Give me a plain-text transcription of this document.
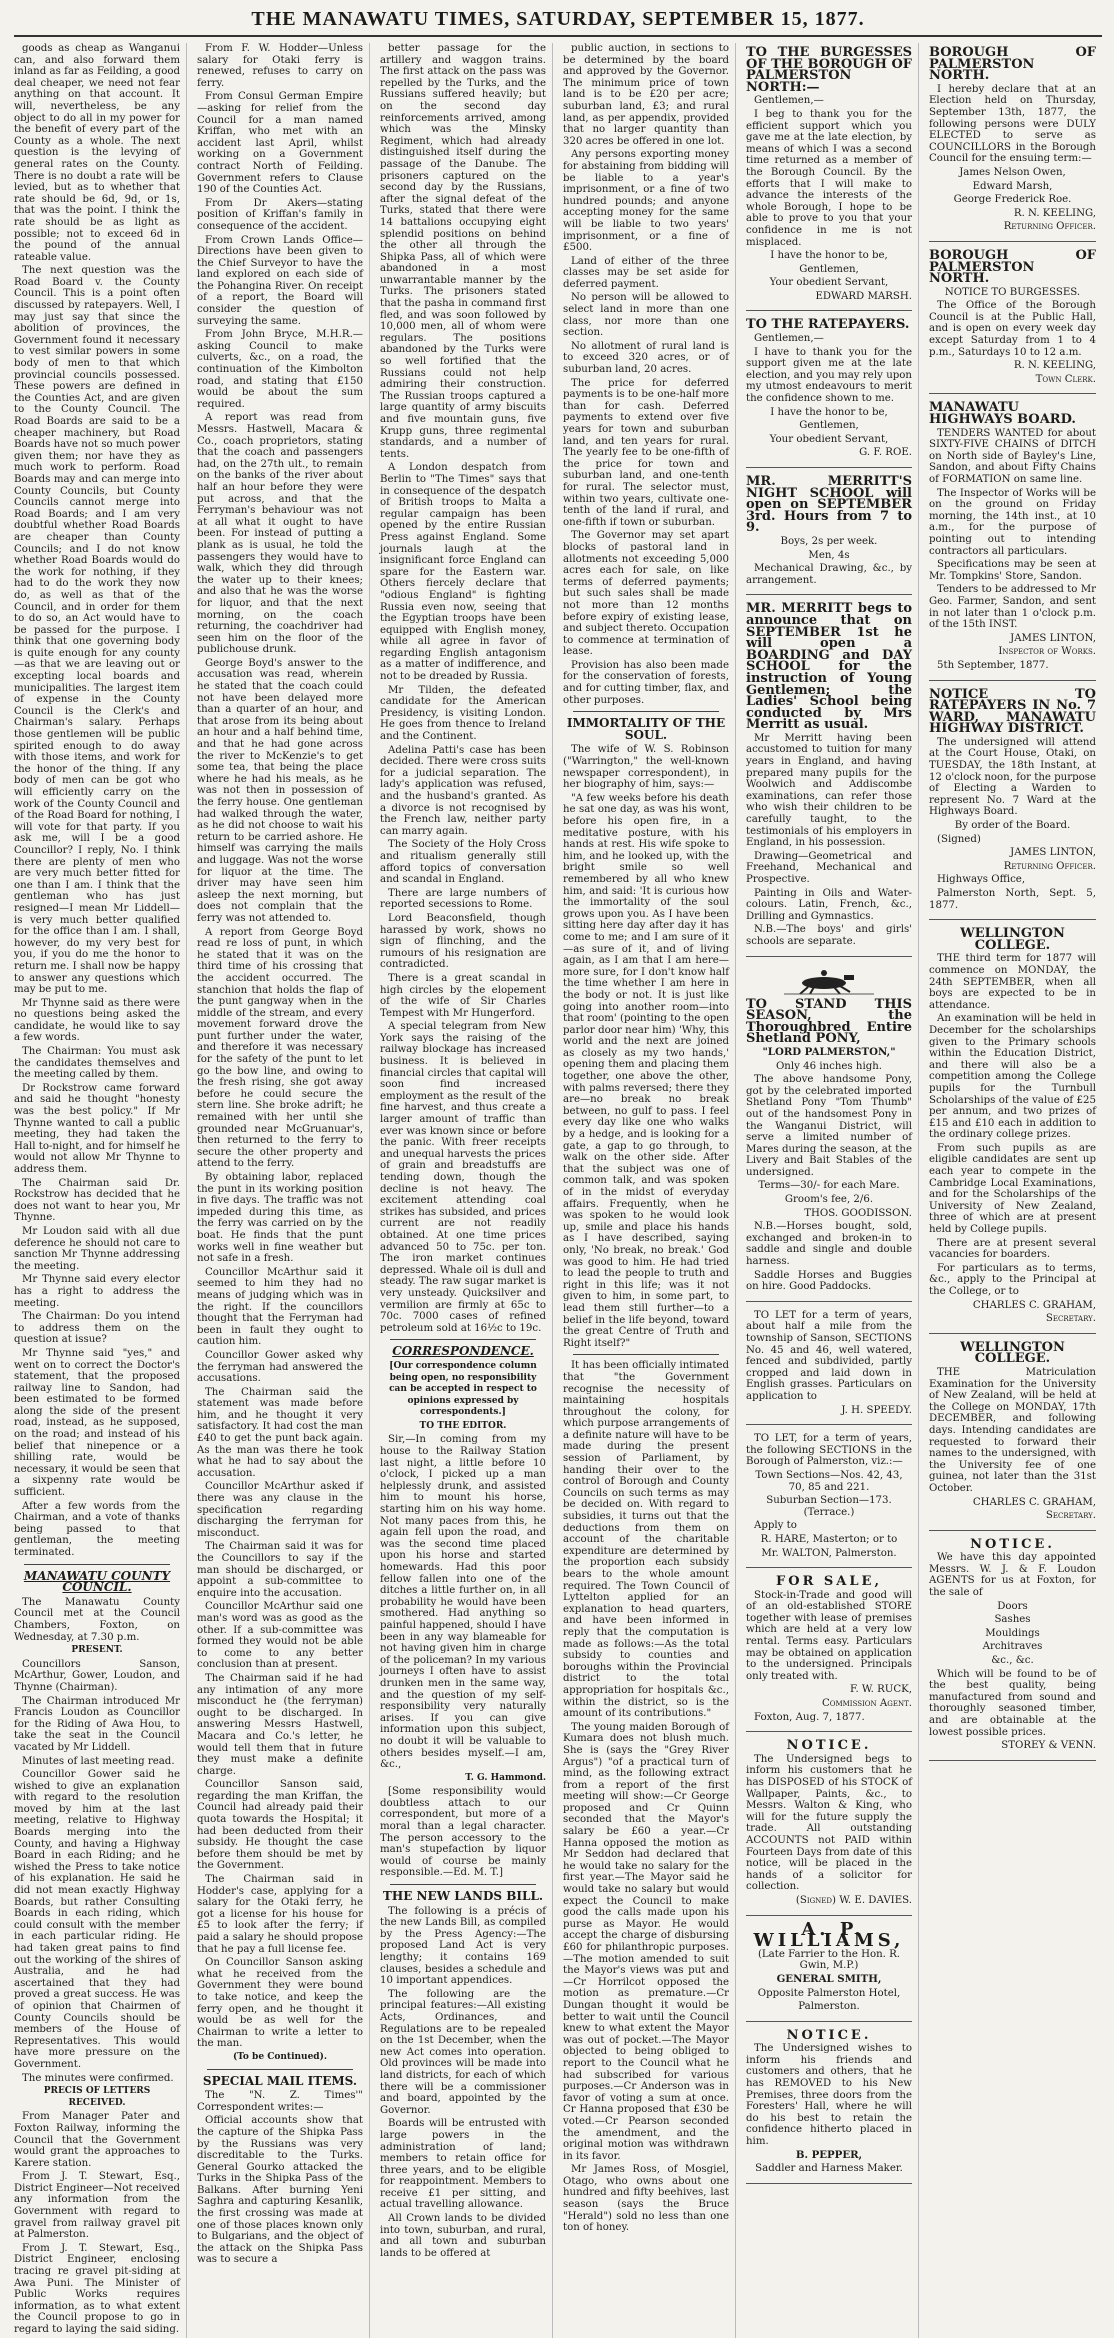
THE MANAWATU TIMES, SATURDAY, SEPTEMBER 15, 1877.

goods as cheap as Wanganui can, and also forward them inland as far as Feilding, a good deal cheaper, we need not fear anything on that account. It will, nevertheless, be any object to do all in my power for the benefit of every part of the County as a whole. The next question is the levying of general rates on the County. There is no doubt a rate will be levied, but as to whether that rate should be 6d, 9d, or 1s, that was the point. I think the rate should be as light as possible; not to exceed 6d in the pound of the annual rateable value.

The next question was the Road Board v. the County Council. This is a point often discussed by ratepayers. Well, I may just say that since the abolition of provinces, the Government found it necessary to vest similar powers in some body of men to that which provincial councils possessed. These powers are defined in the Counties Act, and are given to the County Council. The Road Boards are said to be a cheaper machinery, but Road Boards have not so much power given them; nor have they as much work to perform. Road Boards may and can merge into County Councils, but County Councils cannot merge into Road Boards; and I am very doubtful whether Road Boards are cheaper than County Councils; and I do not know whether Road Boards would do the work for nothing, if they had to do the work they now do, as well as that of the Council, and in order for them to do so, an Act would have to be passed for the purpose. I think that one governing body is quite enough for any county—as that we are leaving out or excepting local boards and municipalities. The largest item of expense in the County Council is the Clerk's and Chairman's salary. Perhaps those gentlemen will be public spirited enough to do away with those items, and work for the honor of the thing. If any body of men can be got who will efficiently carry on the work of the County Council and of the Road Board for nothing, I will vote for that party. If you ask me, will I be a good Councillor? I reply, No. I think there are plenty of men who are very much better fitted for one than I am. I think that the gentleman who has just resigned—I mean Mr Liddell—is very much better qualified for the office than I am. I shall, however, do my very best for you, if you do me the honor to return me. I shall now be happy to answer any questions which may be put to me.

Mr Thynne said as there were no questions being asked the candidate, he would like to say a few words.

The Chairman: You must ask the candidates themselves and the meeting called by them.

Dr Rockstrow came forward and said he thought "honesty was the best policy." If Mr Thynne wanted to call a public meeting, they had taken the Hall to-night, and for himself he would not allow Mr Thynne to address them.

The Chairman said Dr. Rockstrow has decided that he does not want to hear you, Mr Thynne.

Mr Loudon said with all due deference he should not care to sanction Mr Thynne addressing the meeting.

Mr Thynne said every elector has a right to address the meeting.

The Chairman: Do you intend to address them on the question at issue?

Mr Thynne said "yes," and went on to correct the Doctor's statement, that the proposed railway line to Sandon, had been estimated to be formed along the side of the present road, instead, as he supposed, on the road; and instead of his belief that ninepence or a shilling rate, would be necessary, it would be seen that a sixpenny rate would be sufficient.

After a few words from the Chairman, and a vote of thanks being passed to that gentleman, the meeting terminated.

MANAWATU COUNTY COUNCIL.

The Manawatu County Council met at the Council Chambers, Foxton, on Wednesday, at 7.30 p.m.

PRESENT.

Councillors Sanson, McArthur, Gower, Loudon, and Thynne (Chairman).

The Chairman introduced Mr Francis Loudon as Councillor for the Riding of Awa Hou, to take the seat in the Council vacated by Mr Liddell.

Minutes of last meeting read.

Councillor Gower said he wished to give an explanation with regard to the resolution moved by him at the last meeting, relative to Highway Boards merging into the County, and having a Highway Board in each Riding; and he wished the Press to take notice of his explanation. He said he did not mean exactly Highway Boards, but rather Consulting Boards in each riding, which could consult with the member in each particular riding. He had taken great pains to find out the working of the shires of Australia, and he had ascertained that they had proved a great success. He was of opinion that Chairmen of County Councils should be members of the House of Representatives. This would have more pressure on the Government.

The minutes were confirmed.

PRECIS OF LETTERS RECEIVED.

From Manager Pater and Foxton Railway, informing the Council that the Government would grant the approaches to Karere station.

From J. T. Stewart, Esq., District Engineer—Not received any information from the Government with regard to gravel from railway gravel pit at Palmerston.

From J. T. Stewart, Esq., District Engineer, enclosing tracing re gravel pit-siding at Awa Puni. The Minister of Public Works requires information, as to what extent the Council propose to go in regard to laying the said siding.

From F. W. Hodder—Unless salary for Otaki ferry is renewed, refuses to carry on ferry.

From Consul German Empire—asking for relief from the Council for a man named Kriffan, who met with an accident last April, whilst working on a Government contract North of Feilding. Government refers to Clause 190 of the Counties Act.

From Dr Akers—stating position of Kriffan's family in consequence of the accident.

From Crown Lands Office—Directions have been given to the Chief Surveyor to have the land explored on each side of the Pohangina River. On receipt of a report, the Board will consider the question of surveying the same.

From John Bryce, M.H.R.—asking Council to make culverts, &c., on a road, the continuation of the Kimbolton road, and stating that £150 would be about the sum required.

A report was read from Messrs. Hastwell, Macara & Co., coach proprietors, stating that the coach and passengers had, on the 27th ult., to remain on the banks of the river about half an hour before they were put across, and that the Ferryman's behaviour was not at all what it ought to have been. For instead of putting a plank as is usual, he told the passengers they would have to walk, which they did through the water up to their knees; and also that he was the worse for liquor, and that the next morning, on the coach returning, the coachdriver had seen him on the floor of the publichouse drunk.

George Boyd's answer to the accusation was read, wherein he stated that the coach could not have been delayed more than a quarter of an hour, and that arose from its being about an hour and a half behind time, and that he had gone across the river to McKenzie's to get some tea, that being the place where he had his meals, as he was not then in possession of the ferry house. One gentleman had walked through the water, as he did not choose to wait his return to be carried ashore. He himself was carrying the mails and luggage. Was not the worse for liquor at the time. The driver may have seen him asleep the next morning, but does not complain that the ferry was not attended to.

A report from George Boyd read re loss of punt, in which he stated that it was on the third time of his crossing that the accident occurred. The stanchion that holds the flap of the punt gangway when in the middle of the stream, and every movement forward drove the punt further under the water, and therefore it was necessary for the safety of the punt to let go the bow line, and owing to the fresh rising, she got away before he could secure the stern line. She broke adrift; he remained with her until she grounded near McGruanuar's, then returned to the ferry to secure the other property and attend to the ferry.

By obtaining labor, replaced the punt in its working position in five days. The traffic was not impeded during this time, as the ferry was carried on by the boat. He finds that the punt works well in fine weather but not safe in a fresh.

Councillor McArthur said it seemed to him they had no means of judging which was in the right. If the councillors thought that the Ferryman had been in fault they ought to caution him.

Councillor Gower asked why the ferryman had answered the accusations.

The Chairman said the statement was made before him, and he thought it very satisfactory. It had cost the man £40 to get the punt back again. As the man was there he took what he had to say about the accusation.

Councillor McArthur asked if there was any clause in the specification regarding discharging the ferryman for misconduct.

The Chairman said it was for the Councillors to say if the man should be discharged, or appoint a sub-committee to enquire into the accusation.

Councillor McArthur said one man's word was as good as the other. If a sub-committee was formed they would not be able to come to any better conclusion than at present.

The Chairman said if he had any intimation of any more misconduct he (the ferryman) ought to be discharged. In answering Messrs Hastwell, Macara and Co.'s letter, he would tell them that in future they must make a definite charge.

Councillor Sanson said, regarding the man Kriffan, the Council had already paid their quota towards the Hospital; it had been deducted from their subsidy. He thought the case before them should be met by the Government.

The Chairman said in Hodder's case, applying for a salary for the Otaki ferry, he got a license for his house for £5 to look after the ferry; if paid a salary he should propose that he pay a full license fee.

On Councillor Sanson asking what he received from the Government they were bound to take notice, and keep the ferry open, and he thought it would be as well for the Chairman to write a letter to the man.

(To be Continued).

SPECIAL MAIL ITEMS.

The "N. Z. Times'" Correspondent writes:—

Official accounts show that the capture of the Shipka Pass by the Russians was very discreditable to the Turks. General Gourko attacked the Turks in the Shipka Pass of the Balkans. After burning Yeni Saghra and capturing Kesanlik, the first crossing was made at one of those places known only to Bulgarians, and the object of the attack on the Shipka Pass was to secure a

better passage for the artillery and waggon trains. The first attack on the pass was repelled by the Turks, and the Russians suffered heavily; but on the second day reinforcements arrived, among which was the Minsky Regiment, which had already distinguished itself during the passage of the Danube. The prisoners captured on the second day by the Russians, after the signal defeat of the Turks, stated that there were 14 battalions occupying eight splendid positions on behind the other all through the Shipka Pass, all of which were abandoned in a most unwarrantable manner by the Turks. The prisoners stated that the pasha in command first fled, and was soon followed by 10,000 men, all of whom were regulars. The positions abandoned by the Turks were so well fortified that the Russians could not help admiring their construction. The Russian troops captured a large quantity of army biscuits and five mountain guns, five Krupp guns, three regimental standards, and a number of tents.

A London despatch from Berlin to "The Times" says that in consequence of the despatch of British troops to Malta a regular campaign has been opened by the entire Russian Press against England. Some journals laugh at the insignificant force England can spare for the Eastern war. Others fiercely declare that "odious England" is fighting Russia even now, seeing that the Egyptian troops have been equipped with English money, while all agree in favor of regarding English antagonism as a matter of indifference, and not to be dreaded by Russia.

Mr Tilden, the defeated candidate for the American Presidency, is visiting London. He goes from thence to Ireland and the Continent.

Adelina Patti's case has been decided. There were cross suits for a judicial separation. The lady's application was refused, and the husband's granted. As a divorce is not recognised by the French law, neither party can marry again.

The Society of the Holy Cross and ritualism generally still afford topics of conversation and scandal in England.

There are large numbers of reported secessions to Rome.

Lord Beaconsfield, though harassed by work, shows no sign of flinching, and the rumours of his resignation are contradicted.

There is a great scandal in high circles by the elopement of the wife of Sir Charles Tempest with Mr Hungerford.

A special telegram from New York says the raising of the railway blockage has increased business. It is believed in financial circles that capital will soon find increased employment as the result of the fine harvest, and thus create a larger amount of traffic than ever was known since or before the panic. With freer receipts and unequal harvests the prices of grain and breadstuffs are tending down, though the decline is not heavy. The excitement attending coal strikes has subsided, and prices current are not readily obtained. At one time prices advanced 50 to 75c. per ton. The iron market continues depressed. Whale oil is dull and steady. The raw sugar market is very unsteady. Quicksilver and vermilion are firmly at 65c to 70c. 7000 cases of refined petroleum sold at 16½c to 19c.

CORRESPONDENCE.

[Our correspondence column being open, no responsibility can be accepted in respect to opinions expressed by correspondents.]

TO THE EDITOR.

Sir,—In coming from my house to the Railway Station last night, a little before 10 o'clock, I picked up a man helplessly drunk, and assisted him to mount his horse, starting him on his way home. Not many paces from this, he again fell upon the road, and was the second time placed upon his horse and started homewards. Had this poor fellow fallen into one of the ditches a little further on, in all probability he would have been smothered. Had anything so painful happened, should I have been in any way blameable for not having given him in charge of the policeman? In my various journeys I often have to assist drunken men in the same way, and the question of my self-responsibility very naturally arises. If you can give information upon this subject, no doubt it will be valuable to others besides myself.—I am, &c.,

T. G. Hammond.

[Some responsibility would doubtless attach to our correspondent, but more of a moral than a legal character. The person accessory to the man's stupefaction by liquor would of course be mainly responsible.—Ed. M. T.]

THE NEW LANDS BILL.

The following is a précis of the new Lands Bill, as compiled by the Press Agency:—The proposed Land Act is very lengthy; it contains 169 clauses, besides a schedule and 10 important appendices.

The following are the principal features:—All existing Acts, Ordinances, and Regulations are to be repealed on the 1st December, when the new Act comes into operation. Old provinces will be made into land districts, for each of which there will be a commissioner and board, appointed by the Governor.

Boards will be entrusted with large powers in the administration of land; members to retain office for three years, and to be eligible for reappointment. Members to receive £1 per sitting, and actual travelling allowance.

All Crown lands to be divided into town, suburban, and rural, and all town and suburban lands to be offered at

public auction, in sections to be determined by the board and approved by the Governor. The minimum price of town land is to be £20 per acre; suburban land, £3; and rural land, as per appendix, provided that no larger quantity than 320 acres be offered in one lot.

Any persons exporting money for abstaining from bidding will be liable to a year's imprisonment, or a fine of two hundred pounds; and anyone accepting money for the same will be liable to two years' imprisonment, or a fine of £500.

Land of either of the three classes may be set aside for deferred payment.

No person will be allowed to select land in more than one class, nor more than one section.

No allotment of rural land is to exceed 320 acres, or of suburban land, 20 acres.

The price for deferred payments is to be one-half more than for cash. Deferred payments to extend over five years for town and suburban land, and ten years for rural. The yearly fee to be one-fifth of the price for town and suburban land, and one-tenth for rural. The selector must, within two years, cultivate one-tenth of the land if rural, and one-fifth if town or suburban.

The Governor may set apart blocks of pastoral land in allotments not exceeding 5,000 acres each for sale, on like terms of deferred payments; but such sales shall be made not more than 12 months before expiry of existing lease, and subject thereto. Occupation to commence at termination of lease.

Provision has also been made for the conservation of forests, and for cutting timber, flax, and other purposes.

IMMORTALITY OF THE SOUL.

The wife of W. S. Robinson ("Warrington," the well-known newspaper correspondent), in her biography of him, says:—

"A few weeks before his death he sat one day, as was his wont, before his open fire, in a meditative posture, with his hands at rest. His wife spoke to him, and he looked up, with the bright smile so well remembered by all who knew him, and said: 'It is curious how the immortality of the soul grows upon you. As I have been sitting here day after day it has come to me; and I am sure of it—as sure of it, and of living again, as I am that I am here—more sure, for I don't know half the time whether I am here in the body or not. It is just like going into another room—into that room' (pointing to the open parlor door near him) 'Why, this world and the next are joined as closely as my two hands,' opening them and placing them together, one above the other, with palms reversed; there they are—no break no break between, no gulf to pass. I feel every day like one who walks by a hedge, and is looking for a gate, a gap to go through, to walk on the other side. After that the subject was one of common talk, and was spoken of in the midst of everyday affairs. Frequently, when he was spoken to he would look up, smile and place his hands as I have described, saying only, 'No break, no break.' God was good to him. He had tried to lead the people to truth and right in this life; was it not given to him, in some part, to lead them still further—to a belief in the life beyond, toward the great Centre of Truth and Right itself?"

It has been officially intimated that "the Government recognise the necessity of maintaining hospitals throughout the colony, for which purpose arrangements of a definite nature will have to be made during the present session of Parliament, by handing their over to the control of Borough and County Councils on such terms as may be decided on. With regard to subsidies, it turns out that the deductions from them on account of the charitable expenditure are determined by the proportion each subsidy bears to the whole amount required. The Town Council of Lyttelton applied for an explanation to head quarters, and have been informed in reply that the computation is made as follows:—As the total subsidy to counties and boroughs within the Provincial district to the total appropriation for hospitals &c., within the district, so is the amount of its contributions."

The young maiden Borough of Kumara does not blush much. She is (says the "Grey River Argus") "of a practical turn of mind, as the following extract from a report of the first meeting will show:—Cr George proposed and Cr Quinn seconded that the Mayor's salary be £60 a year.—Cr Hanna opposed the motion as Mr Seddon had declared that he would take no salary for the first year.—The Mayor said he would take no salary but would expect the Council to make good the calls made upon his purse as Mayor. He would accept the charge of disbursing £60 for philanthropic purposes.—The motion amended to suit the Mayor's views was put and—Cr Horrilcot opposed the motion as premature.—Cr Dungan thought it would be better to wait until the Council knew to what extent the Mayor was out of pocket.—The Mayor objected to being obliged to report to the Council what he had subscribed for various purposes.—Cr Anderson was in favor of voting a sum at once. Cr Hanna proposed that £30 be voted.—Cr Pearson seconded the amendment, and the original motion was withdrawn in its favor.

Mr James Ross, of Mosgiel, Otago, who owns about one hundred and fifty beehives, last season (says the Bruce "Herald") sold no less than one ton of honey.

TO THE BURGESSES OF THE BOROUGH OF PALMERSTON NORTH:—

Gentlemen,—

I beg to thank you for the efficient support which you gave me at the late election, by means of which I was a second time returned as a member of the Borough Council. By the efforts that I will make to advance the interests of the whole Borough, I hope to be able to prove to you that your confidence in me is not misplaced.

I have the honor to be,

Gentlemen,

Your obedient Servant,

EDWARD MARSH.

TO THE RATEPAYERS.

Gentlemen,—

I have to thank you for the support given me at the late election, and you may rely upon my utmost endeavours to merit the confidence shown to me.

I have the honor to be,

Gentlemen,

Your obedient Servant,

G. F. ROE.

MR. MERRITT'S NIGHT SCHOOL will open on SEPTEMBER 3rd. Hours from 7 to 9.

Boys, 2s per week.

Men, 4s

Mechanical Drawing, &c., by arrangement.

MR. MERRITT begs to announce that on SEPTEMBER 1st he will open a BOARDING and DAY SCHOOL for the instruction of Young Gentlemen; the Ladies' School being conducted by Mrs Merritt as usual.

Mr Merritt having been accustomed to tuition for many years in England, and having prepared many pupils for the Woolwich and Addiscombe examinations, can refer those who wish their children to be carefully taught, to the testimonials of his employers in England, in his possession.

Drawing—Geometrical and Freehand, Mechanical and Prospective.

Painting in Oils and Water-colours. Latin, French, &c., Drilling and Gymnastics.

N.B.—The boys' and girls' schools are separate.

TO STAND THIS SEASON, the Thoroughbred Entire Shetland PONY,

"LORD PALMERSTON,"

Only 46 inches high.

The above handsome Pony, got by the celebrated imported Shetland Pony "Tom Thumb" out of the handsomest Pony in the Wanganui District, will serve a limited number of Mares during the season, at the Livery and Bait Stables of the undersigned.

Terms—30/- for each Mare.

Groom's fee, 2/6.

THOS. GOODISSON.

N.B.—Horses bought, sold, exchanged and broken-in to saddle and single and double harness.

Saddle Horses and Buggies on hire. Good Paddocks.

TO LET for a term of years, about half a mile from the township of Sanson, SECTIONS No. 45 and 46, well watered, fenced and subdivided, partly cropped and laid down in English grasses. Particulars on application to

J. H. SPEEDY.

TO LET, for a term of years, the following SECTIONS in the Borough of Palmerston, viz.:—

Town Sections—Nos. 42, 43, 70, 85 and 221.

Suburban Section—173. (Terrace.)

Apply to

R. HARE, Masterton; or to

Mr. WALTON, Palmerston.

FOR SALE,

Stock-in-Trade and good will of an old-established STORE together with lease of premises which are held at a very low rental. Terms easy. Particulars may be obtained on application to the undersigned. Principals only treated with.

F. W. RUCK,

Commission Agent.

Foxton, Aug. 7, 1877.

NOTICE.

The Undersigned begs to inform his customers that he has DISPOSED of his STOCK of Wallpaper, Paints, &c., to Messrs. Walton & King, who will for the future supply the trade. All outstanding ACCOUNTS not PAID within Fourteen Days from date of this notice, will be placed in the hands of a solicitor for collection.

(Signed) W. E. DAVIES.

A. P. WILLIAMS,

(Late Farrier to the Hon. R. Gwin, M.P.)

GENERAL SMITH,

Opposite Palmerston Hotel,

Palmerston.

NOTICE.

The Undersigned wishes to inform his friends and customers and others, that he has REMOVED to his New Premises, three doors from the Foresters' Hall, where he will do his best to retain the confidence hitherto placed in him.

B. PEPPER,

Saddler and Harness Maker.

BOROUGH OF PALMERSTON NORTH.

I hereby declare that at an Election held on Thursday, September 13th, 1877, the following persons were DULY ELECTED to serve as COUNCILLORS in the Borough Council for the ensuing term:—

James Nelson Owen,

Edward Marsh,

George Frederick Roe.

R. N. KEELING,

Returning Officer.

BOROUGH OF PALMERSTON NORTH.

NOTICE TO BURGESSES.

The Office of the Borough Council is at the Public Hall, and is open on every week day except Saturday from 1 to 4 p.m., Saturdays 10 to 12 a.m.

R. N. KEELING,

Town Clerk.

MANAWATU HIGHWAYS BOARD.

TENDERS WANTED for about SIXTY-FIVE CHAINS of DITCH on North side of Bayley's Line, Sandon, and about Fifty Chains of FORMATION on same line.

The Inspector of Works will be on the ground on Friday morning, the 14th inst., at 10 a.m., for the purpose of pointing out to intending contractors all particulars.

Specifications may be seen at Mr. Tompkins' Store, Sandon.

Tenders to be addressed to Mr Geo. Farmer, Sandon, and sent in not later than 1 o'clock p.m. of the 15th INST.

JAMES LINTON,

Inspector of Works.

5th September, 1877.

NOTICE TO RATEPAYERS IN No. 7 WARD, MANAWATU HIGHWAY DISTRICT.

The undersigned will attend at the Court House, Otaki, on TUESDAY, the 18th Instant, at 12 o'clock noon, for the purpose of Electing a Warden to represent No. 7 Ward at the Highways Board.

By order of the Board.

(Signed)

JAMES LINTON,

Returning Officer.

Highways Office,

Palmerston North, Sept. 5, 1877.

WELLINGTON COLLEGE.

THE third term for 1877 will commence on MONDAY, the 24th SEPTEMBER, when all boys are expected to be in attendance.

An examination will be held in December for the scholarships given to the Primary schools within the Education District, and there will also be a competition among the College pupils for the Turnbull Scholarships of the value of £25 per annum, and two prizes of £15 and £10 each in addition to the ordinary college prizes.

From such pupils as are eligible candidates are sent up each year to compete in the Cambridge Local Examinations, and for the Scholarships of the University of New Zealand, three of which are at present held by College pupils.

There are at present several vacancies for boarders.

For particulars as to terms, &c., apply to the Principal at the College, or to

CHARLES C. GRAHAM,

Secretary.

WELLINGTON COLLEGE.

THE Matriculation Examination for the University of New Zealand, will be held at the College on MONDAY, 17th DECEMBER, and following days. Intending candidates are requested to forward their names to the undersigned, with the University fee of one guinea, not later than the 31st October.

CHARLES C. GRAHAM,

Secretary.

NOTICE.

We have this day appointed Messrs. W. J. & F. Loudon AGENTS for us at Foxton, for the sale of

Doors

Sashes

Mouldings

Architraves

&c., &c.

Which will be found to be of the best quality, being manufactured from sound and thoroughly seasoned timber, and are obtainable at the lowest possible prices.

STOREY & VENN.
